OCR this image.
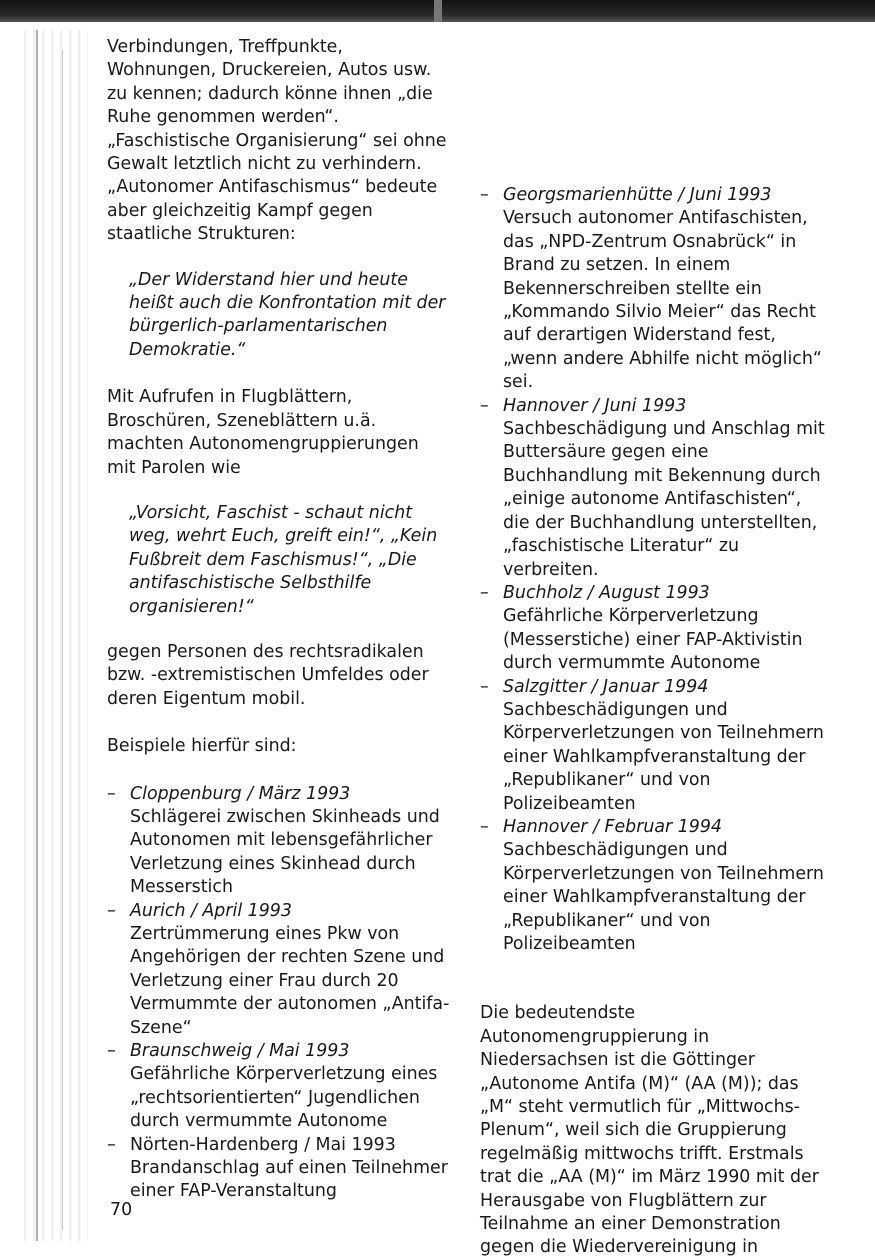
Verbindungen, Treffpunkte, Wohnungen, Druckereien, Autos usw. zu kennen; dadurch könne ihnen „die Ruhe genommen werden“. „Faschistische Organisierung“ sei ohne Gewalt letztlich nicht zu verhindern. „Autonomer Antifaschismus“ bedeute aber gleichzeitig Kampf gegen staatliche Strukturen:

„Der Widerstand hier und heute heißt auch die Konfrontation mit der bürgerlich-parlamentarischen Demokratie.“

Mit Aufrufen in Flugblättern, Broschüren, Szeneblättern u.ä. machten Autonomengruppierungen mit Parolen wie

„Vorsicht, Faschist - schaut nicht weg, wehrt Euch, greift ein!“, „Kein Fußbreit dem Faschismus!“, „Die antifaschistische Selbsthilfe organisieren!“

gegen Personen des rechtsradikalen bzw. -extremistischen Umfeldes oder deren Eigentum mobil.

Beispiele hierfür sind:

– Cloppenburg / März 1993
Schlägerei zwischen Skinheads und Autonomen mit lebensgefährlicher Verletzung eines Skinhead durch Messerstich
– Aurich / April 1993
Zertrümmerung eines Pkw von Angehörigen der rechten Szene und Verletzung einer Frau durch 20 Vermummte der autonomen „Antifa-Szene“
– Braunschweig / Mai 1993
Gefährliche Körperverletzung eines „rechtsorientierten“ Jugendlichen durch vermummte Autonome
– Nörten-Hardenberg / Mai 1993
Brandanschlag auf einen Teilnehmer einer FAP-Veranstaltung
– Georgsmarienhütte / Juni 1993
Versuch autonomer Antifaschisten, das „NPD-Zentrum Osnabrück“ in Brand zu setzen. In einem Bekennerschreiben stellte ein „Kommando Silvio Meier“ das Recht auf derartigen Widerstand fest, „wenn andere Abhilfe nicht möglich“ sei.
– Hannover / Juni 1993
Sachbeschädigung und Anschlag mit Buttersäure gegen eine Buchhandlung mit Bekennung durch „einige autonome Antifaschisten“, die der Buchhandlung unterstellten, „faschistische Literatur“ zu verbreiten.
– Buchholz / August 1993
Gefährliche Körperverletzung (Messerstiche) einer FAP-Aktivistin durch vermummte Autonome
– Salzgitter / Januar 1994
Sachbeschädigungen und Körperverletzungen von Teilnehmern einer Wahlkampfveranstaltung der „Republikaner“ und von Polizeibeamten
– Hannover / Februar 1994
Sachbeschädigungen und Körperverletzungen von Teilnehmern einer Wahlkampfveranstaltung der „Republikaner“ und von Polizeibeamten

Die bedeutendste Autonomengruppierung in Niedersachsen ist die Göttinger „Autonome Antifa (M)“ (AA (M)); das „M“ steht vermutlich für „Mittwochs-Plenum“, weil sich die Gruppierung regelmäßig mittwochs trifft. Erstmals trat die „AA (M)“ im März 1990 mit der Herausgabe von Flugblättern zur Teilnahme an einer Demonstration gegen die Wiedervereinigung in

70
